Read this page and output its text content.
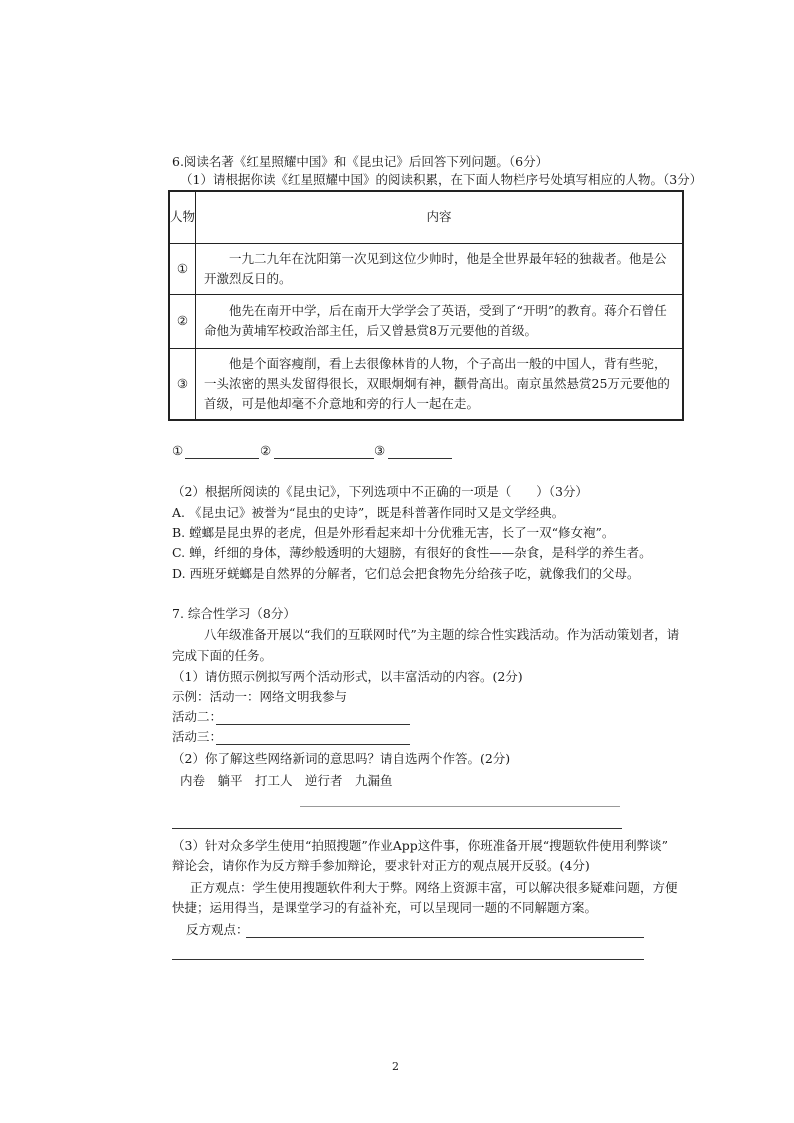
6.阅读名著《红星照耀中国》和《昆虫记》后回答下列问题。（6分）
（1）请根据你读《红星照耀中国》的阅读积累，在下面人物栏序号处填写相应的人物。（3分）
人物	内容
①	一九二九年在沈阳第一次见到这位少帅时，他是全世界最年轻的独裁者。他是公开激烈反日的。
②	他先在南开中学，后在南开大学学会了英语，受到了“开明”的教育。蒋介石曾任命他为黄埔军校政治部主任，后又曾悬赏8万元要他的首级。
③	他是个面容瘦削，看上去很像林肯的人物，个子高出一般的中国人，背有些驼，一头浓密的黑头发留得很长，双眼炯炯有神，颧骨高出。南京虽然悬赏25万元要他的首级，可是他却毫不介意地和旁的行人一起在走。
①	②	③
（2）根据所阅读的《昆虫记》，下列选项中不正确的一项是（　　）（3分）
A. 《昆虫记》被誉为“昆虫的史诗”，既是科普著作同时又是文学经典。
B. 螳螂是昆虫界的老虎，但是外形看起来却十分优雅无害，长了一双“修女袍”。
C. 蝉，纤细的身体，薄纱般透明的大翅膀，有很好的食性——杂食，是科学的养生者。
D. 西班牙蜣螂是自然界的分解者，它们总会把食物先分给孩子吃，就像我们的父母。
7. 综合性学习（8分）
八年级准备开展以“我们的互联网时代”为主题的综合性实践活动。作为活动策划者，请
完成下面的任务。
（1）请仿照示例拟写两个活动形式，以丰富活动的内容。(2分)
示例：活动一：网络文明我参与
活动二：
活动三：
（2）你了解这些网络新词的意思吗？请自选两个作答。(2分)
内卷　躺平　打工人　逆行者　九漏鱼
（3）针对众多学生使用“拍照搜题”作业App这件事，你班准备开展“搜题软件使用利弊谈”
辩论会，请你作为反方辩手参加辩论，要求针对正方的观点展开反驳。(4分)
正方观点：学生使用搜题软件利大于弊。网络上资源丰富，可以解决很多疑难问题，方便
快捷；运用得当，是课堂学习的有益补充，可以呈现同一题的不同解题方案。
反方观点：
2
